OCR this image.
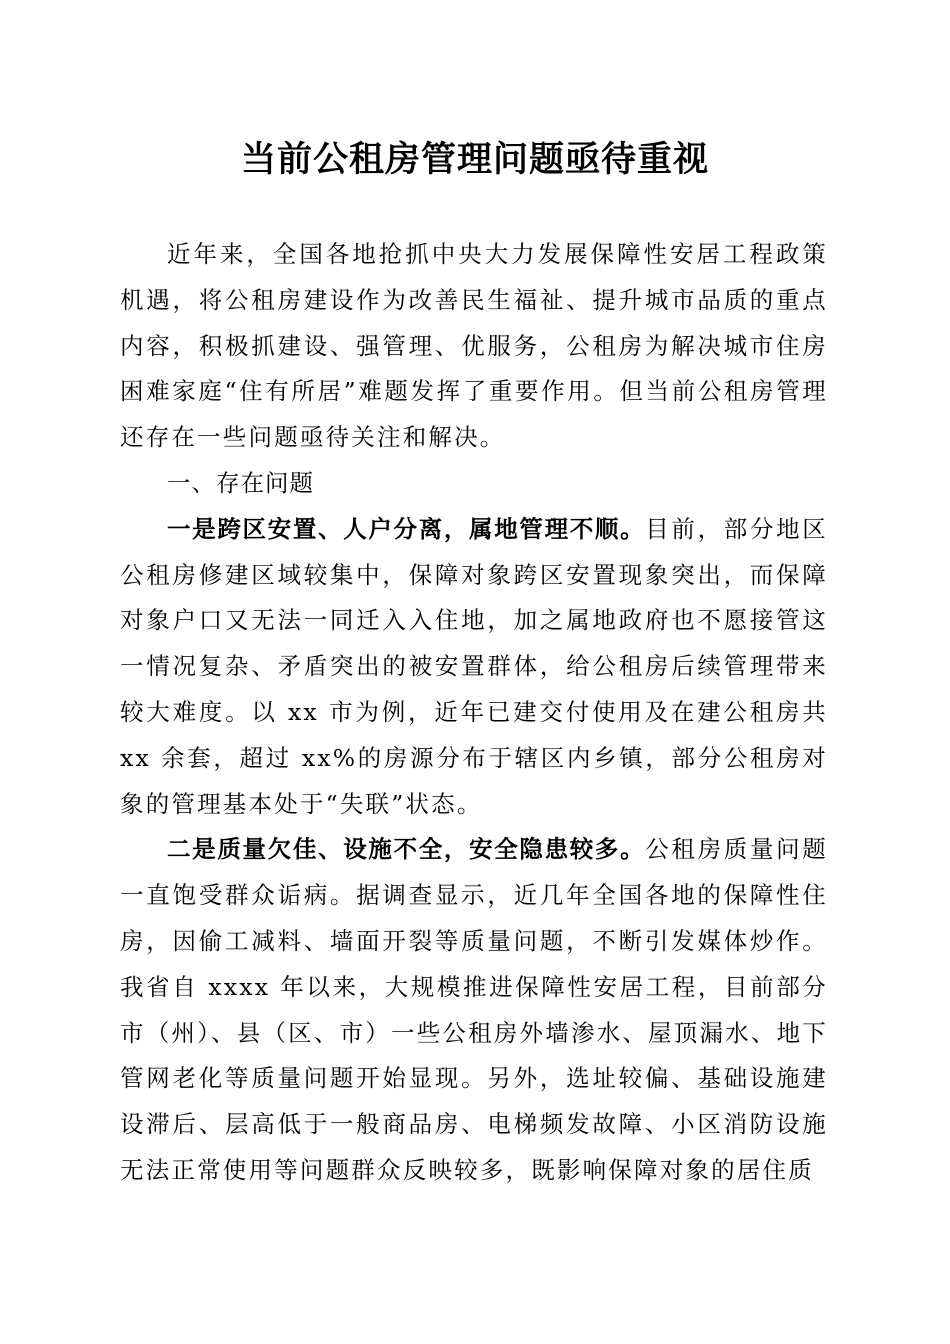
当前公租房管理问题亟待重视

近年来，全国各地抢抓中央大力发展保障性安居工程政策机遇，将公租房建设作为改善民生福祉、提升城市品质的重点内容，积极抓建设、强管理、优服务，公租房为解决城市住房困难家庭“住有所居”难题发挥了重要作用。但当前公租房管理还存在一些问题亟待关注和解决。

一、存在问题

一是跨区安置、人户分离，属地管理不顺。目前，部分地区公租房修建区域较集中，保障对象跨区安置现象突出，而保障对象户口又无法一同迁入入住地，加之属地政府也不愿接管这一情况复杂、矛盾突出的被安置群体，给公租房后续管理带来较大难度。以 xx 市为例，近年已建交付使用及在建公租房共 xx 余套，超过 xx%的房源分布于辖区内乡镇，部分公租房对象的管理基本处于“失联”状态。

二是质量欠佳、设施不全，安全隐患较多。公租房质量问题一直饱受群众诟病。据调查显示，近几年全国各地的保障性住房，因偷工减料、墙面开裂等质量问题，不断引发媒体炒作。我省自 xxxx 年以来，大规模推进保障性安居工程，目前部分市（州）、县（区、市）一些公租房外墙渗水、屋顶漏水、地下管网老化等质量问题开始显现。另外，选址较偏、基础设施建设滞后、层高低于一般商品房、电梯频发故障、小区消防设施无法正常使用等问题群众反映较多，既影响保障对象的居住质
